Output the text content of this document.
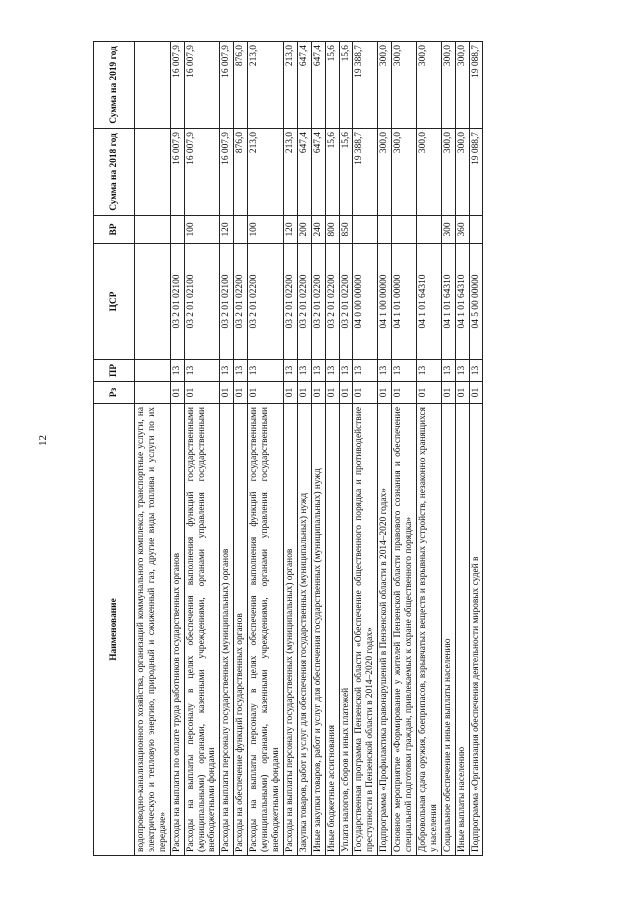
12
Наименование	Рз	ПР	ЦСР	ВР	Сумма на 2018 год	Сумма на 2019 год
водопроводно-канализационного хозяйства, организаций коммунального комплекса, транспортные услуги, на электрическую и тепловую энергию, природный и сжиженный газ, другие виды топлива и услуги по их передаче»						
Расходы на выплаты по оплате труда работников государственных органов	01	13	03 2 01 02100		16 007,9	16 007,9
Расходы на выплаты персоналу в целях обеспечения выполнения функций государственными (муниципальными) органами, казенными учреждениями, органами управления государственными внебюджетными фондами	01	13	03 2 01 02100	100	16 007,9	16 007,9
Расходы на выплаты персоналу государственных (муниципальных) органов	01	13	03 2 01 02100	120	16 007,9	16 007,9
Расходы на обеспечение функций государственных органов	01	13	03 2 01 02200		876,0	876,0
Расходы на выплаты персоналу в целях обеспечения выполнения функций государственными (муниципальными) органами, казенными учреждениями, органами управления государственными внебюджетными фондами	01	13	03 2 01 02200	100	213,0	213,0
Расходы на выплаты персоналу государственных (муниципальных) органов	01	13	03 2 01 02200	120	213,0	213,0
Закупка товаров, работ и услуг для обеспечения государственных (муниципальных) нужд	01	13	03 2 01 02200	200	647,4	647,4
Иные закупки товаров, работ и услуг для обеспечения государственных (муниципальных) нужд	01	13	03 2 01 02200	240	647,4	647,4
Иные бюджетные ассигнования	01	13	03 2 01 02200	800	15,6	15,6
Уплата налогов, сборов и иных платежей	01	13	03 2 01 02200	850	15,6	15,6
Государственная программа Пензенской области «Обеспечение общественного порядка и противодействие преступности в Пензенской области в 2014–2020 годах»	01	13	04 0 00 00000		19 388,7	19 388,7
Подпрограмма «Профилактика правонарушений в Пензенской области в 2014–2020 годах»	01	13	04 1 00 00000		300,0	300,0
Основное мероприятие «Формирование у жителей Пензенской области правового сознания и обеспечение специальной подготовки граждан, привлекаемых к охране общественного порядка»	01	13	04 1 01 00000		300,0	300,0
Добровольная сдача оружия, боеприпасов, взрывчатых веществ и взрывных устройств, незаконно хранящихся у населения	01	13	04 1 01 64310		300,0	300,0
Социальное обеспечение и иные выплаты населению	01	13	04 1 01 64310	300	300,0	300,0
Иные выплаты населению	01	13	04 1 01 64310	360	300,0	300,0
Подпрограмма «Организация обеспечения деятельности мировых судей в	01	13	04 5 00 00000		19 088,7	19 088,7
